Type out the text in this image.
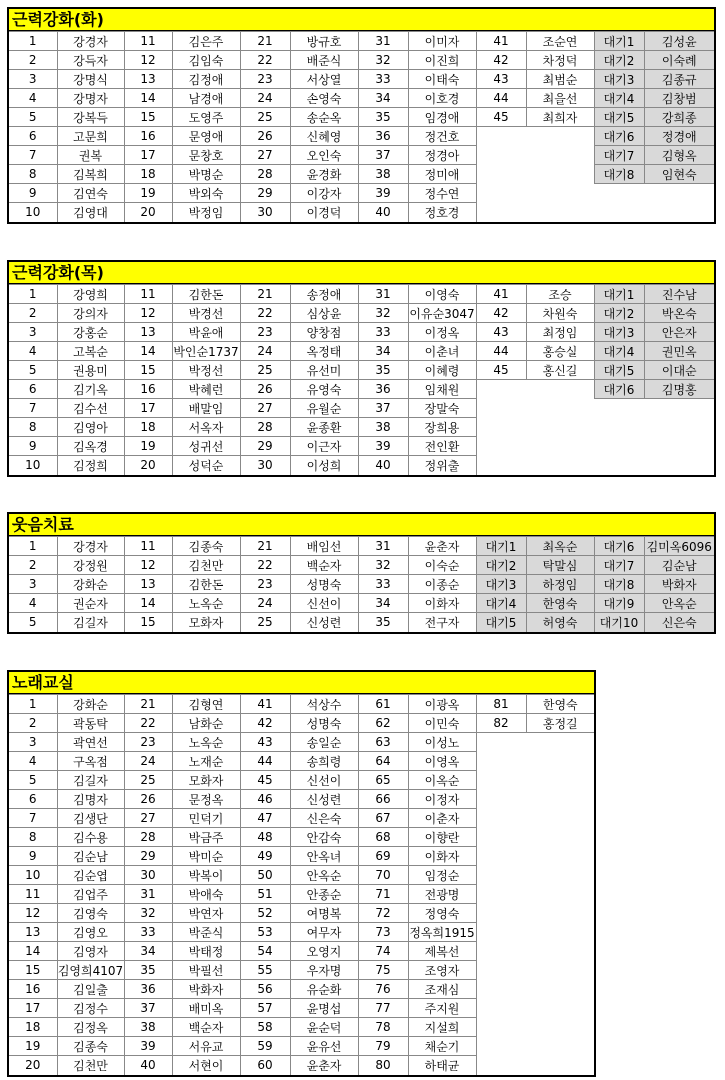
근력강화(화)
1	강경자	11	김은주	21	방규호	31	이미자	41	조순연	대기1	김성윤
2	강득자	12	김임숙	22	배준식	32	이진희	42	차정덕	대기2	이숙례
3	강명식	13	김정애	23	서상열	33	이태숙	43	최범순	대기3	김종규
4	강명자	14	남경애	24	손영숙	34	이호경	44	최을선	대기4	김창범
5	강복득	15	도영주	25	송순옥	35	임경애	45	최희자	대기5	강희종
6	고문희	16	문영애	26	신혜영	36	정건호			대기6	정경애
7	권복	17	문창호	27	오인숙	37	정경아			대기7	김형옥
8	김복희	18	박명순	28	윤경화	38	정미애			대기8	임현숙
9	김연숙	19	박외숙	29	이강자	39	정수연				
10	김영대	20	박정임	30	이경덕	40	정호경				
근력강화(목)
1	강영희	11	김한돈	21	송정애	31	이영숙	41	조승	대기1	진수남
2	강의자	12	박경선	22	심상윤	32	이유순3047	42	차원숙	대기2	박온숙
3	강홍순	13	박윤애	23	양창점	33	이정옥	43	최정임	대기3	안은자
4	고복순	14	박인순1737	24	옥정태	34	이춘녀	44	홍승실	대기4	권민옥
5	권용미	15	박정선	25	유선미	35	이혜령	45	홍신길	대기5	이대순
6	김기옥	16	박혜런	26	유영숙	36	임채원			대기6	김명홍
7	김수선	17	배말임	27	유월순	37	장말숙				
8	김영아	18	서옥자	28	윤종환	38	장희용				
9	김옥경	19	성귀선	29	이근자	39	전인환				
10	김정희	20	성덕순	30	이성희	40	정위출				
웃음치료
1	강경자	11	김종숙	21	배임선	31	윤춘자	대기1	최옥순	대기6	김미옥6096
2	강정원	12	김천만	22	백순자	32	이숙순	대기2	탁말심	대기7	김순남
3	강화순	13	김한돈	23	성명숙	33	이종순	대기3	하정임	대기8	박화자
4	권순자	14	노옥순	24	신선이	34	이화자	대기4	한영숙	대기9	안옥순
5	김길자	15	모화자	25	신성련	35	전구자	대기5	허영숙	대기10	신은숙
노래교실
1	강화순	21	김형연	41	석상수	61	이광옥	81	한영숙
2	곽동탁	22	남화순	42	성명숙	62	이민숙	82	홍정길
3	곽연선	23	노옥순	43	송일순	63	이성노		
4	구옥점	24	노재순	44	송희령	64	이영옥		
5	김길자	25	모화자	45	신선이	65	이옥순		
6	김명자	26	문정옥	46	신성련	66	이정자		
7	김생단	27	민덕기	47	신은숙	67	이춘자		
8	김수용	28	박금주	48	안감숙	68	이향란		
9	김순남	29	박미순	49	안옥녀	69	이화자		
10	김순엽	30	박복이	50	안옥순	70	임정순		
11	김업주	31	박애숙	51	안종순	71	전광명		
12	김영숙	32	박연자	52	여명복	72	정영숙		
13	김영오	33	박준식	53	여무자	73	정옥희1915		
14	김영자	34	박태정	54	오영지	74	제복선		
15	김영희4107	35	박필선	55	우자명	75	조영자		
16	김일출	36	박화자	56	유순화	76	조재심		
17	김정수	37	배미옥	57	윤명섭	77	주지원		
18	김정옥	38	백순자	58	윤순덕	78	지설희		
19	김종숙	39	서유교	59	윤유선	79	채순기		
20	김천만	40	서현이	60	윤춘자	80	하태균		
